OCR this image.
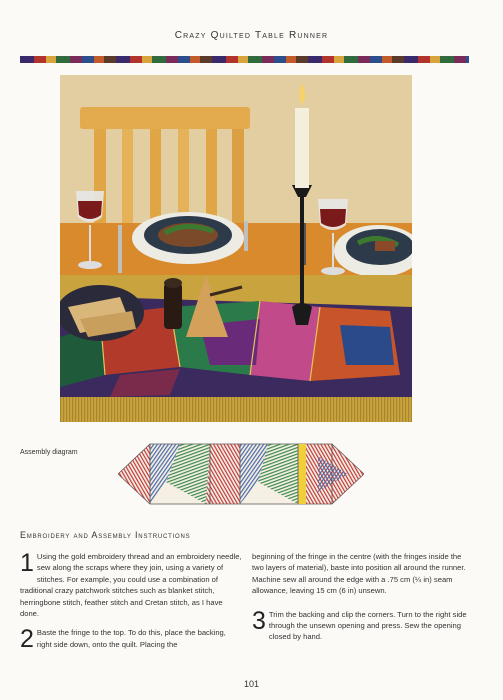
Crazy Quilted Table Runner
Assembly diagram
Embroidery and Assembly Instructions
1 Using the gold embroidery thread and an embroidery needle, sew along the scraps where they join, using a variety of stitches. For example, you could use a combination of traditional crazy patchwork stitches such as blanket stitch, herringbone stitch, feather stitch and Cretan stitch, as I have done.
2 Baste the fringe to the top. To do this, place the backing, right side down, onto the quilt. Placing the
beginning of the fringe in the centre (with the fringes inside the two layers of material), baste into position all around the runner. Machine sew all around the edge with a .75 cm (¼ in) seam allowance, leaving 15 cm (6 in) unsewn.
3 Trim the backing and clip the corners. Turn to the right side through the unsewn opening and press. Sew the opening closed by hand.
101
